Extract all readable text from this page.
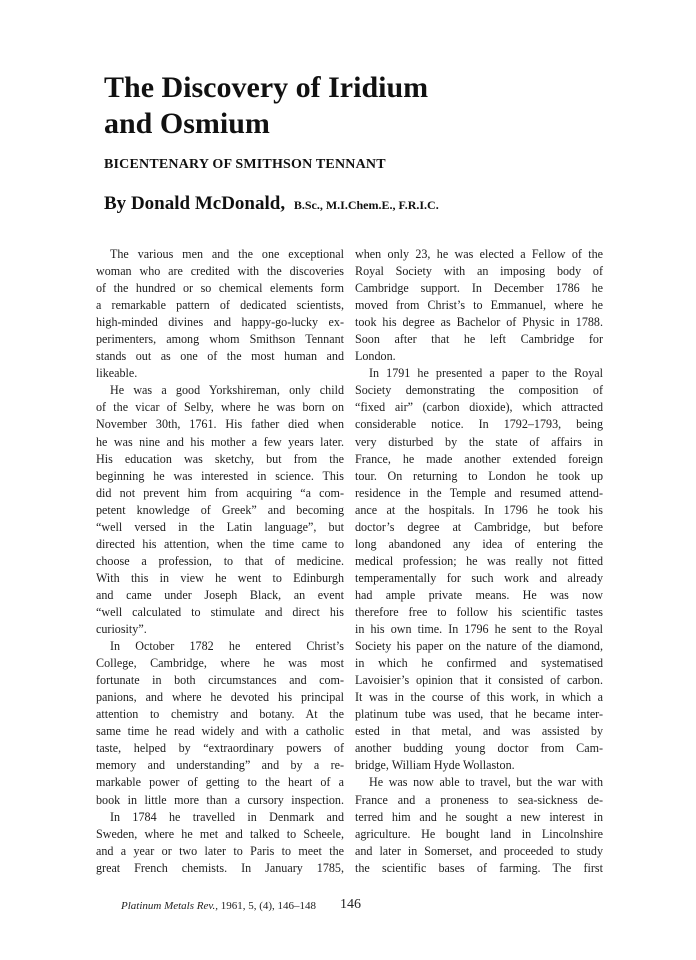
The Discovery of Iridium
and Osmium
BICENTENARY OF SMITHSON TENNANT

By Donald McDonald, B.Sc., M.I.Chem.E., F.R.I.C.

The various men and the one exceptional
woman who are credited with the discoveries
of the hundred or so chemical elements form
a remarkable pattern of dedicated scientists,
high-minded divines and happy-go-lucky ex-
perimenters, among whom Smithson Tennant
stands out as one of the most human and
likeable.
He was a good Yorkshireman, only child
of the vicar of Selby, where he was born on
November 30th, 1761. His father died when
he was nine and his mother a few years later.
His education was sketchy, but from the
beginning he was interested in science. This
did not prevent him from acquiring “a com-
petent knowledge of Greek” and becoming
“well versed in the Latin language”, but
directed his attention, when the time came to
choose a profession, to that of medicine.
With this in view he went to Edinburgh
and came under Joseph Black, an event
“well calculated to stimulate and direct his
curiosity”.
In October 1782 he entered Christ’s
College, Cambridge, where he was most
fortunate in both circumstances and com-
panions, and where he devoted his principal
attention to chemistry and botany. At the
same time he read widely and with a catholic
taste, helped by “extraordinary powers of
memory and understanding” and by a re-
markable power of getting to the heart of a
book in little more than a cursory inspection.
In 1784 he travelled in Denmark and
Sweden, where he met and talked to Scheele,
and a year or two later to Paris to meet the
great French chemists. In January 1785,
when only 23, he was elected a Fellow of the
Royal Society with an imposing body of
Cambridge support. In December 1786 he
moved from Christ’s to Emmanuel, where he
took his degree as Bachelor of Physic in 1788.
Soon after that he left Cambridge for
London.
In 1791 he presented a paper to the Royal
Society demonstrating the composition of
“fixed air” (carbon dioxide), which attracted
considerable notice. In 1792–1793, being
very disturbed by the state of affairs in
France, he made another extended foreign
tour. On returning to London he took up
residence in the Temple and resumed attend-
ance at the hospitals. In 1796 he took his
doctor’s degree at Cambridge, but before
long abandoned any idea of entering the
medical profession; he was really not fitted
temperamentally for such work and already
had ample private means. He was now
therefore free to follow his scientific tastes
in his own time. In 1796 he sent to the Royal
Society his paper on the nature of the diamond,
in which he confirmed and systematised
Lavoisier’s opinion that it consisted of carbon.
It was in the course of this work, in which a
platinum tube was used, that he became inter-
ested in that metal, and was assisted by
another budding young doctor from Cam-
bridge, William Hyde Wollaston.
He was now able to travel, but the war with
France and a proneness to sea-sickness de-
terred him and he sought a new interest in
agriculture. He bought land in Lincolnshire
and later in Somerset, and proceeded to study
the scientific bases of farming. The first
Platinum Metals Rev., 1961, 5, (4), 146–148 146
